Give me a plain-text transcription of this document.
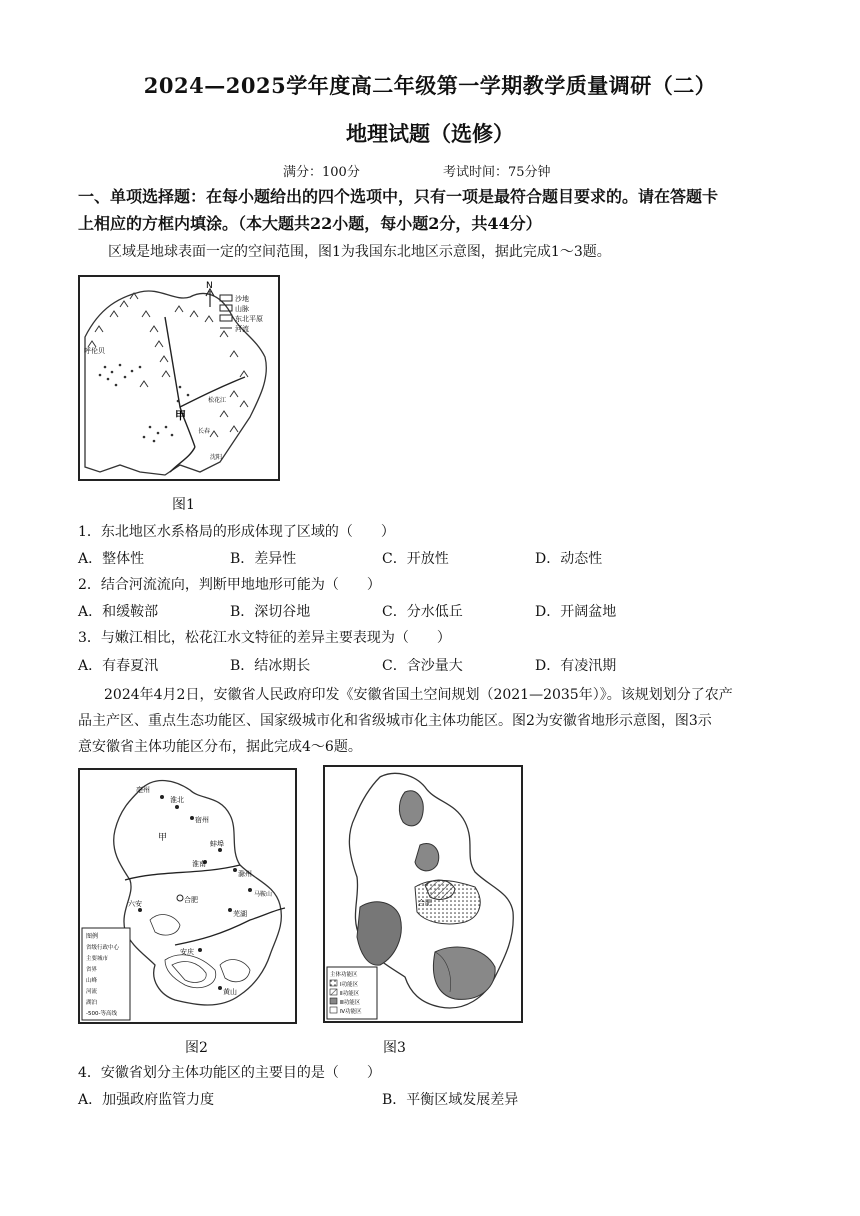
2024—2025学年度高二年级第一学期教学质量调研（二）
地理试题（选修）
满分：100分	考试时间：75分钟
一、单项选择题：在每小题给出的四个选项中，只有一项是最符合题目要求的。请在答题卡
上相应的方框内填涂。（本大题共22小题，每小题2分，共44分）
区域是地球表面一定的空间范围，图1为我国东北地区示意图，据此完成1～3题。
N
沙地
山脉
东北平原
河流
呼伦贝
甲
松花江
长春
沈阳
图1
1．东北地区水系格局的形成体现了区域的（　　）
A．整体性	B．差异性	C．开放性	D．动态性
2．结合河流流向，判断甲地地形可能为（　　）
A．和缓鞍部	B．深切谷地	C．分水低丘	D．开阔盆地
3．与嫩江相比，松花江水文特征的差异主要表现为（　　）
A．有春夏汛	B．结冰期长	C．含沙量大	D．有凌汛期
2024年4月2日，安徽省人民政府印发《安徽省国土空间规划（2021—2035年）》。该规划划分了农产
品主产区、重点生态功能区、国家级城市化和省级城市化主体功能区。图2为安徽省地形示意图，图3示
意安徽省主体功能区分布，据此完成4～6题。
亳州
淮北
宿州
甲
蚌埠
淮南
滁州
六安	合肥
马鞍山
芜湖
安庆
黄山
图例
省级行政中心
主要城市
省界
山峰
河流
湖泊
-500-等高线
图2
合肥
主体功能区
Ⅰ功能区
Ⅱ功能区
Ⅲ功能区
Ⅳ功能区
图3
4．安徽省划分主体功能区的主要目的是（　　）
A．加强政府监管力度	B．平衡区域发展差异
